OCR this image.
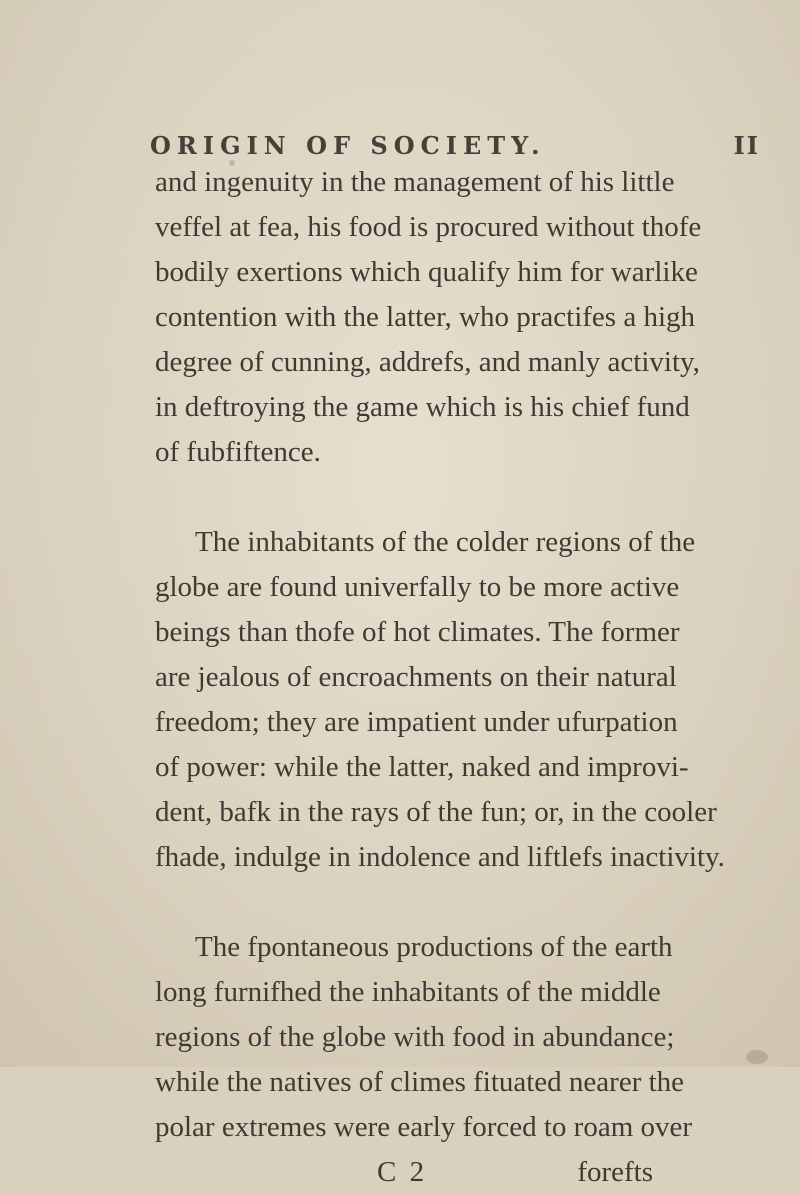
ORIGIN OF SOCIETY.	II
and ingenuity in the management of his little
veffel at fea, his food is procured without thofe
bodily exertions which qualify him for warlike
contention with the latter, who practifes a high
degree of cunning, addrefs, and manly activity,
in deftroying the game which is his chief fund
of fubfiftence.
The inhabitants of the colder regions of the
globe are found univerfally to be more active
beings than thofe of hot climates. The former
are jealous of encroachments on their natural
freedom; they are impatient under ufurpation
of power: while the latter, naked and improvi-
dent, bafk in the rays of the fun; or, in the cooler
fhade, indulge in indolence and liftlefs inactivity.
The fpontaneous productions of the earth
long furnifhed the inhabitants of the middle
regions of the globe with food in abundance;
while the natives of climes fituated nearer the
polar extremes were early forced to roam over
C 2	forefts
